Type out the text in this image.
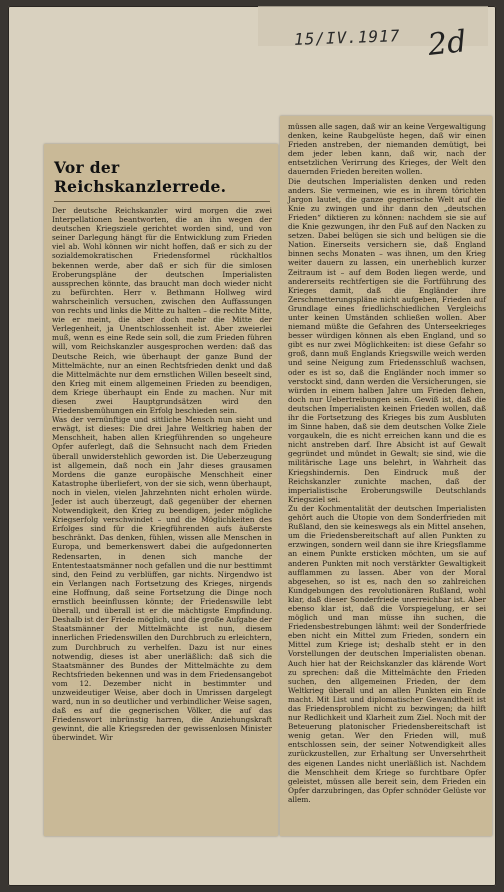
15/IV.1917 2d
Vor der Reichskanzlerrede.
Der deutsche Reichskanzler wird morgen die zwei Interpellationen beantworten, die an ihn wegen der deutschen Kriegsziele gerichtet worden sind, und von seiner Darlegung hängt für die Entwicklung zum Frieden viel ab. Wohl können wir nicht hoffen, daß er sich zu der sozialdemokratischen Friedensformel rückhaltlos bekennen werde, aber daß er sich für die simlosen Eroberungspläne der deutschen Imperialisten aussprechen könnte, das braucht man doch wieder nicht zu befürchten. Herr v. Bethmann Hollweg wird wahrscheinlich versuchen, zwischen den Auffassungen von rechts und links die Mitte zu halten – die rechte Mitte, wie er meint, die aber doch mehr die Mitte der Verlegenheit, ja Unentschlossenheit ist. Aber zweierlei muß, wenn es eine Rede sein soll, die zum Frieden führen will, vom Reichskanzler ausgesprochen werden: daß das Deutsche Reich, wie überhaupt der ganze Bund der Mittelmächte, nur an einen Rechtsfrieden denkt und daß die Mittelmächte nur dem ernstlichen Willen beseelt sind, den Krieg mit einem allgemeinen Frieden zu beendigen, dem Kriege überhaupt ein Ende zu machen. Nur mit diesen zwei Hauptgrundsätzen wird den Friedensbemühungen ein Erfolg beschieden sein.
Was der vernünftige und sittliche Mensch nun sieht und erwägt, ist dieses: Die drei Jahre Weltkrieg haben der Menschheit, haben allen Kriegführenden so ungeheure Opfer auferlegt, daß die Sehnsucht nach dem Frieden überall unwiderstehlich geworden ist. Die Ueberzeugung ist allgemein, daß noch ein Jahr dieses grausamen Mordens die ganze europäische Menschheit einer Katastrophe überliefert, von der sie sich, wenn überhaupt, noch in vielen, vielen Jahrzehnten nicht erholen würde. Jeder ist auch überzeugt, daß gegenüber der ehernen Notwendigkeit, den Krieg zu beendigen, jeder mögliche Kriegserfolg verschwindet – und die Möglichkeiten des Erfolges sind für die Kriegführenden aufs äußerste beschränkt. Das denken, fühlen, wissen alle Menschen in Europa, und bemerkenswert dabei die aufgedonnerten Redensarten, in denen sich manche der Ententestaatsmänner noch gefallen und die nur besttimmt sind, den Feind zu verblüffen, gar nichts. Nirgendwo ist ein Verlangen nach Fortsetzung des Krieges, nirgends eine Hoffnung, daß seine Fortsetzung die Dinge noch ernstlich beeinflussen könnte; der Friedenswille lebt überall, und überall ist er die mächtigste Empfindung. Deshalb ist der Friede möglich, und die große Aufgabe der Staatsmänner der Mittelmächte ist nun, diesem innerlichen Friedenswillen den Durchbruch zu erleichtern, zum Durchbruch zu verhelfen. Dazu ist nur eines notwendig, dieses ist aber unerläßlich: daß sich die Staatsmänner des Bundes der Mittelmächte zu dem Rechtsfrieden bekennen und was in dem Friedensangebot vom 12. Dezember nicht in bestimmter und unzweideutiger Weise, aber doch in Umrissen dargelegt ward, nun in so deutlicher und verbindlicher Weise sagen, daß es auf die gegnerischen Völker, die auf das Friedenswort inbrünstig harren, die Anziehungskraft gewinnt, die alle Kriegsreden der gewissenlosen Minister überwindet. Wir
müssen alle sagen, daß wir an keine Vergewaltigung denken, keine Raubgelüste hegen, daß wir einen Frieden anstreben, der niemanden demütigt, bei dem jeder leben kann, daß wir, nach der entsetzlichen Verirrung des Krieges, der Welt den dauernden Frieden bereiten wollen.
Die deutschen Imperialisten denken und reden anders. Sie vermeinen, wie es in ihrem törichten Jargon lautet, die ganze gegnerische Welt auf die Knie zu zwingen und ihr dann den „deutschen Frieden“ diktieren zu können: nachdem sie sie auf die Knie gezwungen, ihr den Fuß auf den Nacken zu setzen. Dabei belügen sie sich und belügen sie die Nation. Einerseits versichern sie, daß England binnen sechs Monaten – was ihnen, um den Krieg weiter dauern zu lassen, ein unerheblich kurzer Zeitraum ist – auf dem Boden liegen werde, und andererseits rechtfertigen sie die Fortführung des Krieges damit, daß die Engländer ihre Zerschmetterungspläne nicht aufgeben, Frieden auf Grundlage eines friedlichschiedlichen Vergleichs unter keinen Umständen schließen wollen. Aber niemand müßte die Gefahren des Unterseekrieges besser würdigen können als eben England, und so gibt es nur zwei Möglichkeiten: ist diese Gefahr so groß, dann muß Englands Kriegswille weich werden und seine Neigung zum Friedensschluß wachsen, oder es ist so, daß die Engländer noch immer so verstockt sind, dann werden die Versicherungen, sie würden in einem halben Jahre um Frieden flehen, doch nur Uebertreibungen sein. Gewiß ist, daß die deutschen Imperialisten keinen Frieden wollen, daß ihr die Fortsetzung des Krieges bis zum Ausbluten im Sinne haben, daß sie dem deutschen Volke Ziele vorgaukeln, die es nicht erreichen kann und die es nicht anstreben darf. Ihre Absicht ist auf Gewalt gegründet und mündet in Gewalt; sie sind, wie die militärische Lage uns belehrt, in Wahrheit das Kriegshindernis. Den Eindruck muß der Reichskanzler zunichte machen, daß der imperialistische Eroberungswille Deutschlands Kriegsziel sei.
Zu der Kochmentalität der deutschen Imperialisten gehört auch die Utopie von dem Sonderfrieden mit Rußland, den sie keineswegs als ein Mittel ansehen, um die Friedensbereitschaft auf allen Punkten zu erzwingen, sondern weil dann sie ihre Kriegsflamme an einem Punkte ersticken möchten, um sie auf anderen Punkten mit noch verstärkter Gewaltigkeit aufflammen zu lassen. Aber von der Moral abgesehen, so ist es, nach den so zahlreichen Kundgebungen des revolutionären Rußland, wohl klar, daß dieser Sonderfriede unerreichbar ist. Aber ebenso klar ist, daß die Vorspiegelung, er sei möglich und man müsse ihn suchen, die Friedensbestrebungen lähmt: weil der Sonderfriede eben nicht ein Mittel zum Frieden, sondern ein Mittel zum Kriege ist; deshalb steht er in den Vorstellungen der deutschen Imperialisten obenan. Auch hier hat der Reichskanzler das klärende Wort zu sprechen: daß die Mittelmächte den Frieden suchen, den allgemeinen Frieden, der dem Weltkrieg überall und an allen Punkten ein Ende macht. Mit List und diplomatischer Gewandtheit ist das Friedensproblem nicht zu bezwingen; da hilft nur Redlichkeit und Klarheit zum Ziel. Noch mit der Beteuerung platonischer Friedensbereitschaft ist wenig getan. Wer den Frieden will, muß entschlossen sein, der seiner Notwendigkeit alles zurückzustellen, zur Erhaltung ser Unversehrtheit des eigenen Landes nicht unerläßlich ist. Nachdem die Menschheit dem Kriege so furchtbare Opfer geleistet, müssen alle bereit sein, dem Frieden ein Opfer darzubringen, das Opfer schnöder Gelüste vor allem.
